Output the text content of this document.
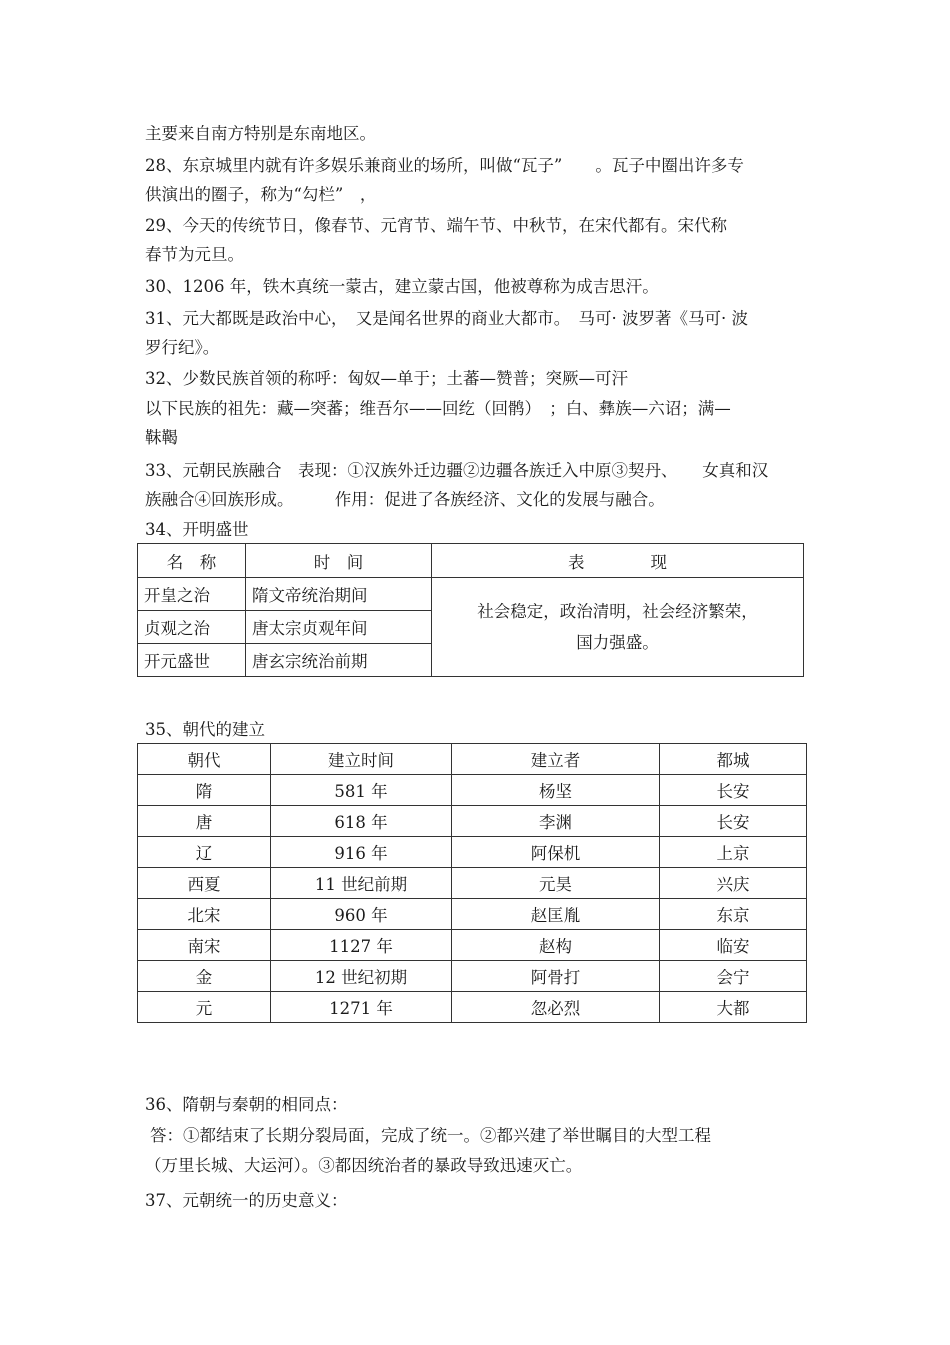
主要来自南方特别是东南地区。
28、东京城里内就有许多娱乐兼商业的场所，叫做“瓦子”　　。瓦子中圈出许多专
供演出的圈子，称为“勾栏”　，
29、今天的传统节日，像春节、元宵节、端午节、中秋节，在宋代都有。宋代称
春节为元旦。
30、1206 年，铁木真统一蒙古，建立蒙古国，他被尊称为成吉思汗。
31、元大都既是政治中心，　又是闻名世界的商业大都市。　马可· 波罗著《马可· 波
罗行纪》。
32、少数民族首领的称呼：匈奴—单于；土蕃—赞普；突厥—可汗
以下民族的祖先：藏—突蕃；维吾尔——回纥（回鹘）　；白、彝族—六诏；满—
靺鞨
33、元朝民族融合　表现：①汉族外迁边疆②边疆各族迁入中原③契丹、　　女真和汉
族融合④回族形成。　　　作用：促进了各族经济、文化的发展与融合。
34、开明盛世
名　称	时　间	表　　　　现
开皇之治	隋文帝统治期间	社会稳定，政治清明，社会经济繁荣，
国力强盛。

贞观之治	唐太宗贞观年间	
开元盛世	唐玄宗统治前期	
35、朝代的建立
朝代	建立时间	建立者	都城
隋	581 年	杨坚	长安
唐	618 年	李渊	长安
辽	916 年	阿保机	上京
西夏	11 世纪前期	元昊	兴庆
北宋	960 年	赵匡胤	东京
南宋	1127 年	赵构	临安
金	12 世纪初期	阿骨打	会宁
元	1271 年	忽必烈	大都
36、隋朝与秦朝的相同点：
答：①都结束了长期分裂局面，完成了统一。②都兴建了举世瞩目的大型工程
（万里长城、大运河）。③都因统治者的暴政导致迅速灭亡。
37、元朝统一的历史意义：
